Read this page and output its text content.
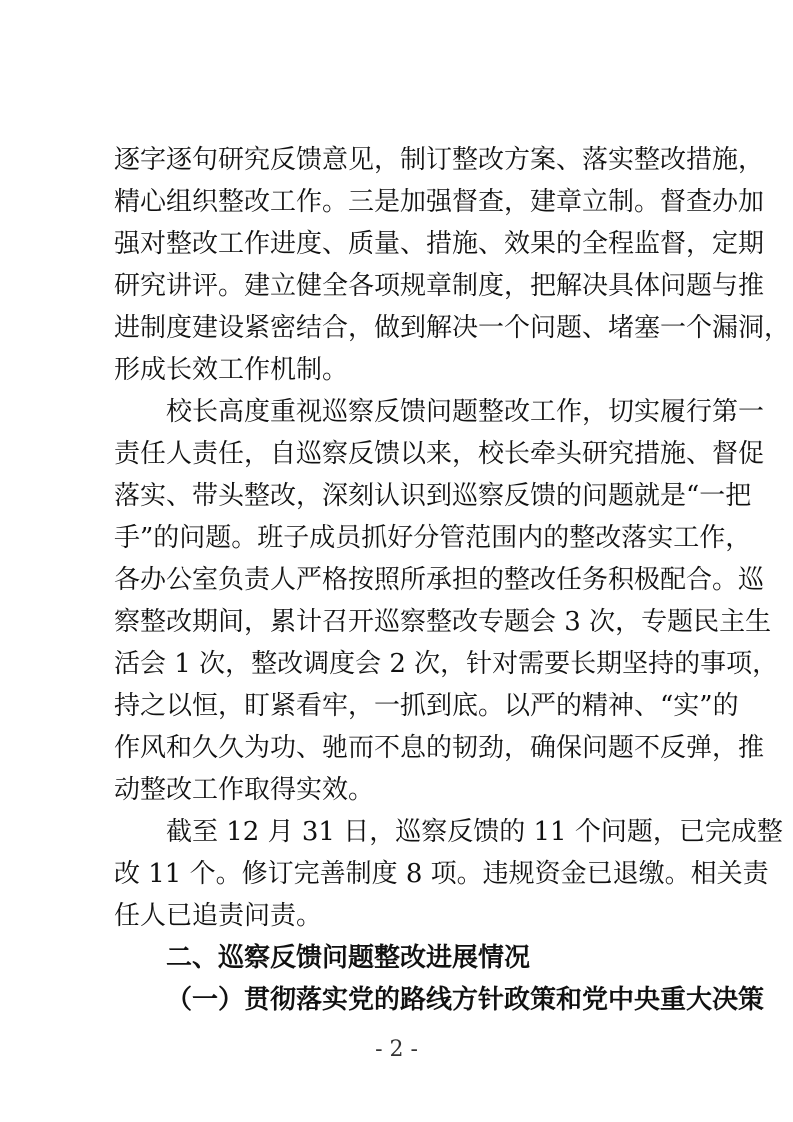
逐字逐句研究反馈意见，制订整改方案、落实整改措施，
精心组织整改工作。三是加强督查，建章立制。督查办加
强对整改工作进度、质量、措施、效果的全程监督，定期
研究讲评。建立健全各项规章制度，把解决具体问题与推
进制度建设紧密结合，做到解决一个问题、堵塞一个漏洞，
形成长效工作机制。
校长高度重视巡察反馈问题整改工作，切实履行第一
责任人责任，自巡察反馈以来，校长牵头研究措施、督促
落实、带头整改，深刻认识到巡察反馈的问题就是“一把
手”的问题。班子成员抓好分管范围内的整改落实工作，
各办公室负责人严格按照所承担的整改任务积极配合。巡
察整改期间，累计召开巡察整改专题会 3 次，专题民主生
活会 1 次，整改调度会 2 次，针对需要长期坚持的事项，
持之以恒，盯紧看牢，一抓到底。以严的精神、“实”的
作风和久久为功、驰而不息的韧劲，确保问题不反弹，推
动整改工作取得实效。
截至 12 月 31 日，巡察反馈的 11 个问题，已完成整
改 11 个。修订完善制度 8 项。违规资金已退缴。相关责
任人已追责问责。
二、巡察反馈问题整改进展情况
（一）贯彻落实党的路线方针政策和党中央重大决策
- 2 -
